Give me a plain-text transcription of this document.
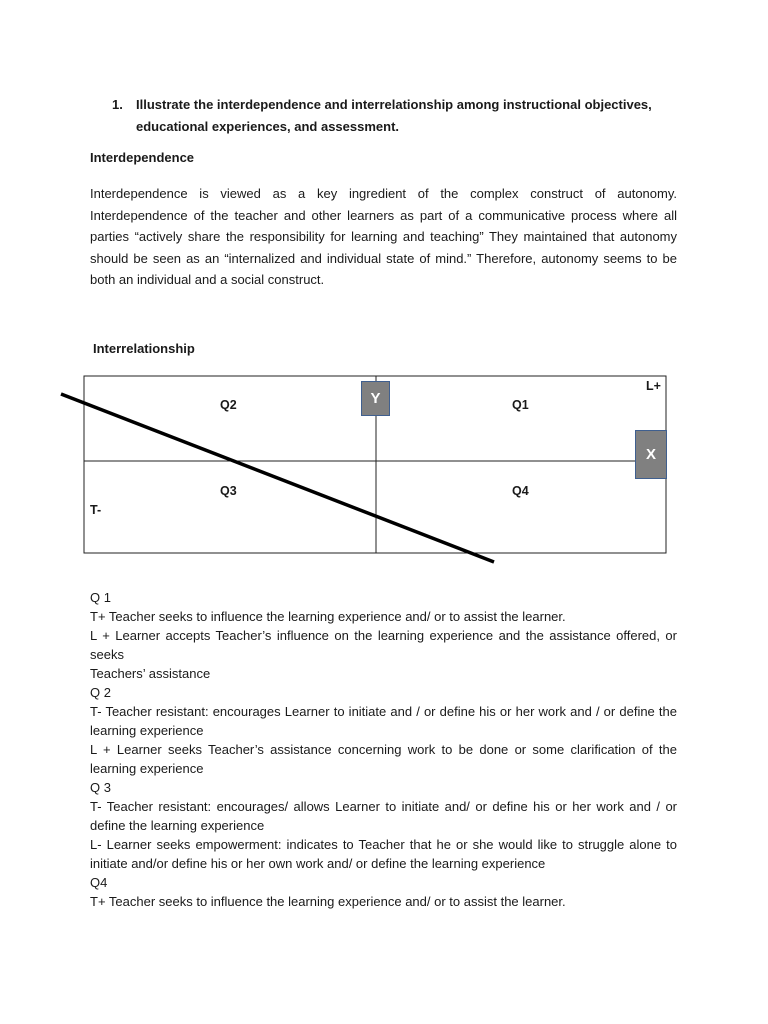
1. Illustrate the interdependence and interrelationship among instructional objectives, educational experiences, and assessment.
Interdependence
Interdependence is viewed as a key ingredient of the complex construct of autonomy. Interdependence of the teacher and other learners as part of a communicative process where all parties “actively share the responsibility for learning and teaching” They maintained that autonomy should be seen as an “internalized and individual state of mind.” Therefore, autonomy seems to be both an individual and a social construct.
Interrelationship
Q2	Q1
Q3	Q4
L+
T-
Y
X
Q 1
T+ Teacher seeks to influence the learning experience and/ or to assist the learner.
L + Learner accepts Teacher’s influence on the learning experience and the assistance offered, or seeks
Teachers’ assistance
Q 2
T- Teacher resistant: encourages Learner to initiate and / or define his or her work and / or define the learning experience
L + Learner seeks Teacher’s assistance concerning work to be done or some clarification of the learning experience
Q 3
T- Teacher resistant: encourages/ allows Learner to initiate and/ or define his or her work and / or define the learning experience
L- Learner seeks empowerment: indicates to Teacher that he or she would like to struggle alone to initiate and/or define his or her own work and/ or define the learning experience
Q4
T+ Teacher seeks to influence the learning experience and/ or to assist the learner.
